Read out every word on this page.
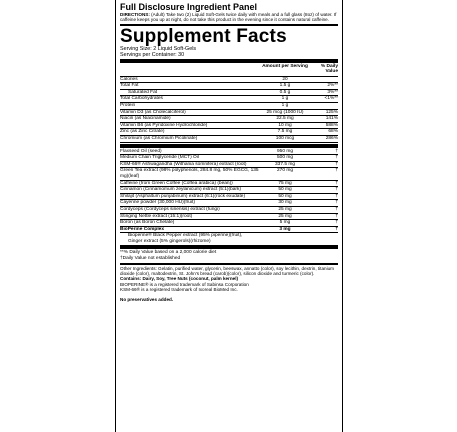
Full Disclosure Ingredient Panel
DIRECTIONS: (Adult) Take two (2) Liquid Soft-Gels twice daily with meals and a full glass (8oz) of water. If caffeine keeps you up at night, do not take this product in the evening since it contains natural caffeine.
Supplement Facts
Serving Size: 2 Liquid Soft-Gels
Servings per Container: 30
Amount per Serving	% Daily Value
Calories	20
Total Fat	1.5 g	2%**
Saturated Fat	0.5 g	3%**
Total Carbohydrates	1 g	<1%**
Protein	1 g
Vitamin D3 (as Cholecalciferol)	25 mcg (1000 IU)	125%
Niacin (as Niacinamide)	22.5 mg	141%
Vitamin B6 (as Pyridoxine Hydrochloride)	10 mg	588%
Zinc (as Zinc Citrate)	7.5 mg	68%
Chromium (as Chromium Picolinate)	100 mcg	286%
Flaxseed Oil (seed)	950 mg	†
Medium Chain Triglyceride (MCT) Oil	500 mg	†
KSM-66® Ashwagandha (Withania somnifera) extract (root)	337.5 mg	†
Green Tea extract (98% polyphenols, 284.8 mg, 50% EGCG, 135 mg)(leaf)
270 mg	†
Caffeine (from Green Coffee (Coffea arabica) (bean))	75 mg	†
Cinnamon (Cinnamomum zeylanicum) extract (5:1)(bark)	50 mg	†
Shilajit (Asphaltum punjabinum) extract (6:1)(rock exudate)	50 mg	†
Cayenne powder (30,000 HU)(fruit)	30 mg	†
Cordyceps (Cordyceps sinensis) extract (fungi)	25 mg	†
Stinging Nettle extract (15:1)(root)	25 mg	†
Boron (as Boron Chelate)	5 mg	†
BioPerine Complex	3 mg	†
Bioperine® Black Pepper extract (95% piperine)(fruit),
Ginger extract (5% gingerols)(rhizome)
**% Daily Value based on a 2,000 calorie diet
†Daily Value not established
Other Ingredients: Gelatin, purified water, glycerin, beeswax, annatto (color), soy lecithin, dextrin, titanium dioxide (color), maltodextrin, St. John's bread (carob)(color), silicon dioxide and turmeric (color).
Contains: Dairy, Soy, Tree Nuts (coconut, palm kernel)
BIOPERINE® is a registered trademark of Sabinsa Corporation
KSM-66® is a registered trademark of Ixoreal BioMed Inc.
No preservatives added.
